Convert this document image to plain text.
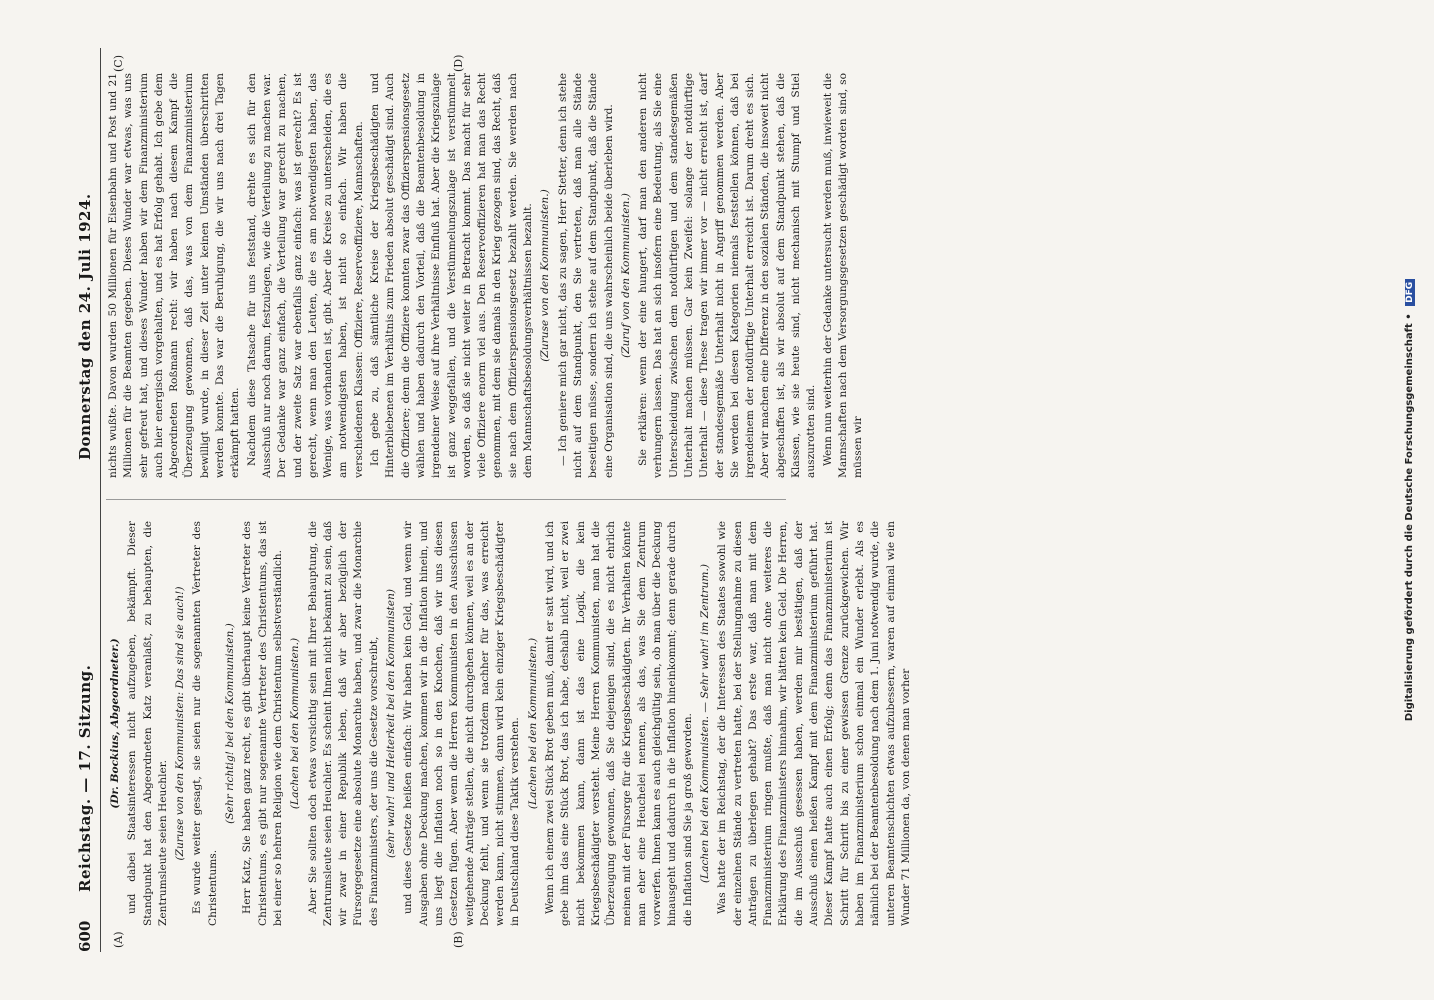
600
Reichstag. — 17. Sitzung.
Donnerstag den 24. Juli 1924.
(A)	(B)
(C)	(D)

(Dr. Bockius, Abgeordneter.) und dabei Staatsinteressen nicht aufzugeben, bekämpft. Dieser Standpunkt hat den Abgeordneten Katz veranlaßt, zu behaupten, die Zentrumsleute seien Heuchler. (Zuruse von den Kommunisten: Das sind sie auch!) Es wurde weiter gesagt, sie seien nur die sogenannten Vertreter des Christentums.

(Sehr richtig! bei den Kommunisten.) Herr Katz, Sie haben ganz recht, es gibt überhaupt keine Vertreter des Christentums, es gibt nur sogenannte Vertreter des Christentums, das ist bei einer so hehren Religion wie dem Christentum selbstverständlich. (Lachen bei den Kommunisten.) Aber Sie sollten doch etwas vorsichtig sein mit Ihrer Behauptung, die Zentrumsleute seien Heuchler. Es scheint Ihnen nicht bekannt zu sein, daß wir zwar in einer Republik leben, daß wir aber bezüglich der Fürsorgegesetze eine absolute Monarchie haben, und zwar die Monarchie des Finanzministers, der uns die Gesetze vorschreibt, (sehr wahr! und Heiterkeit bei den Kommunisten) und diese Gesetze heißen einfach: Wir haben kein Geld, und wenn wir Ausgaben ohne Deckung machen, kommen wir in die Inflation hinein, und uns liegt die Inflation noch so in den Knochen, daß wir uns diesen Gesetzen fügen. Aber wenn die Herren Kommunisten in den Ausschüssen weitgehende Anträge stellen, die nicht durchgehen können, weil es an der Deckung fehlt, und wenn sie trotzdem nachher für das, was erreicht werden kann, nicht stimmen, dann wird kein einziger Kriegsbeschädigter in Deutschland diese Taktik verstehen. (Lachen bei den Kommunisten.) Wenn ich einem zwei Stück Brot geben muß, damit er satt wird, und ich gebe ihm das eine Stück Brot, das ich habe, deshalb nicht, weil er zwei nicht bekommen kann, dann ist das eine Logik, die kein Kriegsbeschädigter versteht. Meine Herren Kommunisten, man hat die Überzeugung gewonnen, daß Sie diejenigen sind, die es nicht ehrlich meinen mit der Fürsorge für die Kriegsbeschädigten. Ihr Verhalten könnte man eher eine Heuchelei nennen, als das, was Sie dem Zentrum vorwerfen. Ihnen kann es auch gleichgültig sein, ob man über die Deckung hinausgeht und dadurch in die Inflation hineinkommt; denn gerade durch die Inflation sind Sie ja groß geworden. (Lachen bei den Kommunisten. — Sehr wahr! im Zentrum.) Was hatte der im Reichstag, der die Interessen des Staates sowohl wie der einzelnen Stände zu vertreten hatte, bei der Stellungnahme zu diesen Anträgen zu überlegen gehabt? Das erste war, daß man mit dem Finanzministerium ringen mußte, daß man nicht ohne weiteres die Erklärung des Finanzministers hinnahm, wir hätten kein Geld. Die Herren, die im Ausschuß gesessen haben, werden mir bestätigen, daß der Ausschuß einen heißen Kampf mit dem Finanzministerium geführt hat. Dieser Kampf hatte auch einen Erfolg; denn das Finanzministerium ist Schritt für Schritt bis zu einer gewissen Grenze zurückgewichen. Wir haben im Finanzministerium schon einmal ein Wunder erlebt. Als es nämlich bei der Beamtenbesoldung nach dem 1. Juni notwendig wurde, die unteren Beamtenschichten etwas aufzubessern, waren auf einmal wie ein Wunder 71 Millionen da, von denen man vorher

nichts wußte. Davon wurden 50 Millionen für Eisenbahn und Post und 21 Millionen für die Beamten gegeben. Dieses Wunder war etwas, was uns sehr gefreut hat, und dieses Wunder haben wir dem Finanzministerium auch hier energisch vorgehalten, und es hat Erfolg gehabt. Ich gebe dem Abgeordneten Roßmann recht: wir haben nach diesem Kampf die Überzeugung gewonnen, daß das, was von dem Finanzministerium bewilligt wurde, in dieser Zeit unter keinen Umständen überschritten werden konnte. Das war die Beruhigung, die wir uns nach drei Tagen erkämpft hatten. Nachdem diese Tatsache für uns feststand, drehte es sich für den Ausschuß nur noch darum, festzulegen, wie die Verteilung zu machen war. Der Gedanke war ganz einfach, die Verteilung war gerecht zu machen, und der zweite Satz war ebenfalls ganz einfach: was ist gerecht? Es ist gerecht, wenn man den Leuten, die es am notwendigsten haben, das Wenige, was vorhanden ist, gibt. Aber die Kreise zu unterscheiden, die es am notwendigsten haben, ist nicht so einfach. Wir haben die verschiedenen Klassen: Offiziere, Reserveoffiziere, Mannschaften. Ich gebe zu, daß sämtliche Kreise der Kriegsbeschädigten und Hinterbliebenen im Verhältnis zum Frieden absolut geschädigt sind. Auch die Offiziere; denn die Offiziere konnten zwar das Offizierspensionsgesetz wählen und haben dadurch den Vorteil, daß die Beamtenbesoldung in irgendeiner Weise auf ihre Verhältnisse Einfluß hat. Aber die Kriegszulage ist ganz weggefallen, und die Verstümmelungszulage ist verstümmelt worden, so daß sie nicht weiter in Betracht kommt. Das macht für sehr viele Offiziere enorm viel aus. Den Reserveoffizieren hat man das Recht genommen, mit dem sie damals in den Krieg gezogen sind, das Recht, daß sie nach dem Offizierspensionsgesetz bezahlt werden. Sie werden nach dem Mannschaftsbesoldungsverhältnissen bezahlt. (Zuruse von den Kommunisten.) — Ich geniere mich gar nicht, das zu sagen, Herr Stetter, denn ich stehe nicht auf dem Standpunkt, den Sie vertreten, daß man alle Stände beseitigen müsse, sondern ich stehe auf dem Standpunkt, daß die Stände eine Organisation sind, die uns wahrscheinlich beide überleben wird. (Zuruf von den Kommunisten.) Sie erklären: wenn der eine hungert, darf man den anderen nicht verhungern lassen. Das hat an sich insofern eine Bedeutung, als Sie eine Unterscheidung zwischen dem notdürftigen und dem standesgemäßen Unterhalt machen müssen. Gar kein Zweifel: solange der notdürftige Unterhalt — diese These tragen wir immer vor — nicht erreicht ist, darf der standesgemäße Unterhalt nicht in Angriff genommen werden. Aber Sie werden bei diesen Kategorien niemals feststellen können, daß bei irgendeinem der notdürftige Unterhalt erreicht ist. Darum dreht es sich. Aber wir machen eine Differenz in den sozialen Ständen, die insoweit nicht abgeschaffen ist, als wir absolut auf dem Standpunkt stehen, daß die Klassen, wie sie heute sind, nicht mechanisch mit Stumpf und Stiel auszurotten sind. Wenn nun weiterhin der Gedanke untersucht werden muß, inwieweit die Mannschaften nach dem Versorgungsgesetzen geschädigt worden sind, so müssen wir	Digitalisierung gefördert durch die Deutsche Forschungsgemeinschaft • DFG
